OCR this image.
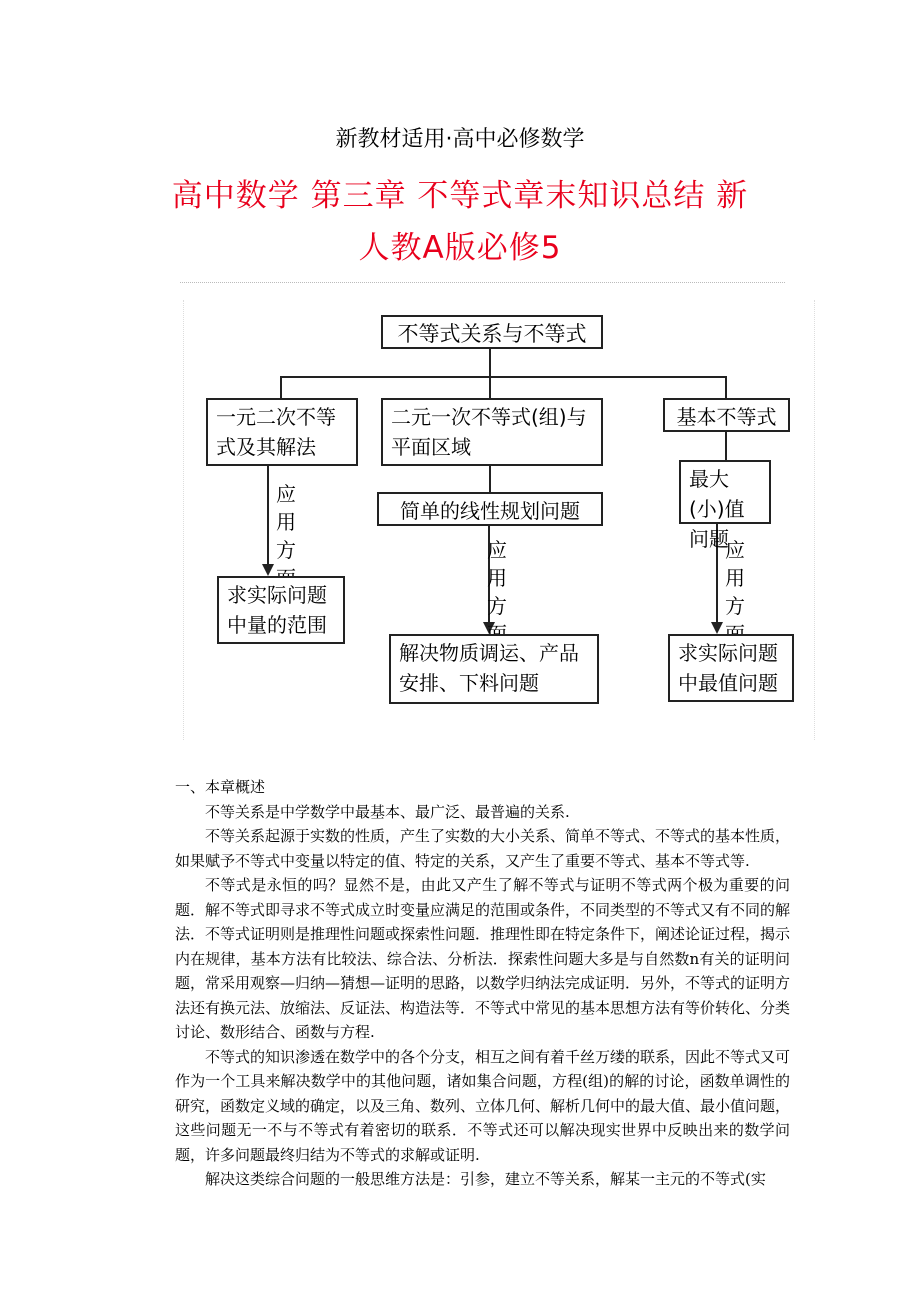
新教材适用·高中必修数学
高中数学 第三章 不等式章末知识总结 新
人教A版必修5
不等式关系与不等式
一元二次不等式及其解法
应用方
求实际问题中量的范围
二元一次不等式(组)与平面区域
简单的线性规划问题
应用方
解决物质调运、产品安排、下料问题
基本不等式
最大(小)值问题
应用方
求实际问题中最值问题

一、本章概述

不等关系是中学数学中最基本、最广泛、最普遍的关系.

不等关系起源于实数的性质，产生了实数的大小关系、简单不等式、不等式的基本性质，如果赋予不等式中变量以特定的值、特定的关系，又产生了重要不等式、基本不等式等.

不等式是永恒的吗？显然不是，由此又产生了解不等式与证明不等式两个极为重要的问题．解不等式即寻求不等式成立时变量应满足的范围或条件，不同类型的不等式又有不同的解法．不等式证明则是推理性问题或探索性问题．推理性即在特定条件下，阐述论证过程，揭示内在规律，基本方法有比较法、综合法、分析法．探索性问题大多是与自然数n有关的证明问题，常采用观察—归纳—猜想—证明的思路，以数学归纳法完成证明．另外，不等式的证明方法还有换元法、放缩法、反证法、构造法等．不等式中常见的基本思想方法有等价转化、分类讨论、数形结合、函数与方程.

不等式的知识渗透在数学中的各个分支，相互之间有着千丝万缕的联系，因此不等式又可作为一个工具来解决数学中的其他问题，诸如集合问题，方程(组)的解的讨论，函数单调性的研究，函数定义域的确定，以及三角、数列、立体几何、解析几何中的最大值、最小值问题，这些问题无一不与不等式有着密切的联系．不等式还可以解决现实世界中反映出来的数学问题，许多问题最终归结为不等式的求解或证明.

解决这类综合问题的一般思维方法是：引参，建立不等关系，解某一主元的不等式(实
